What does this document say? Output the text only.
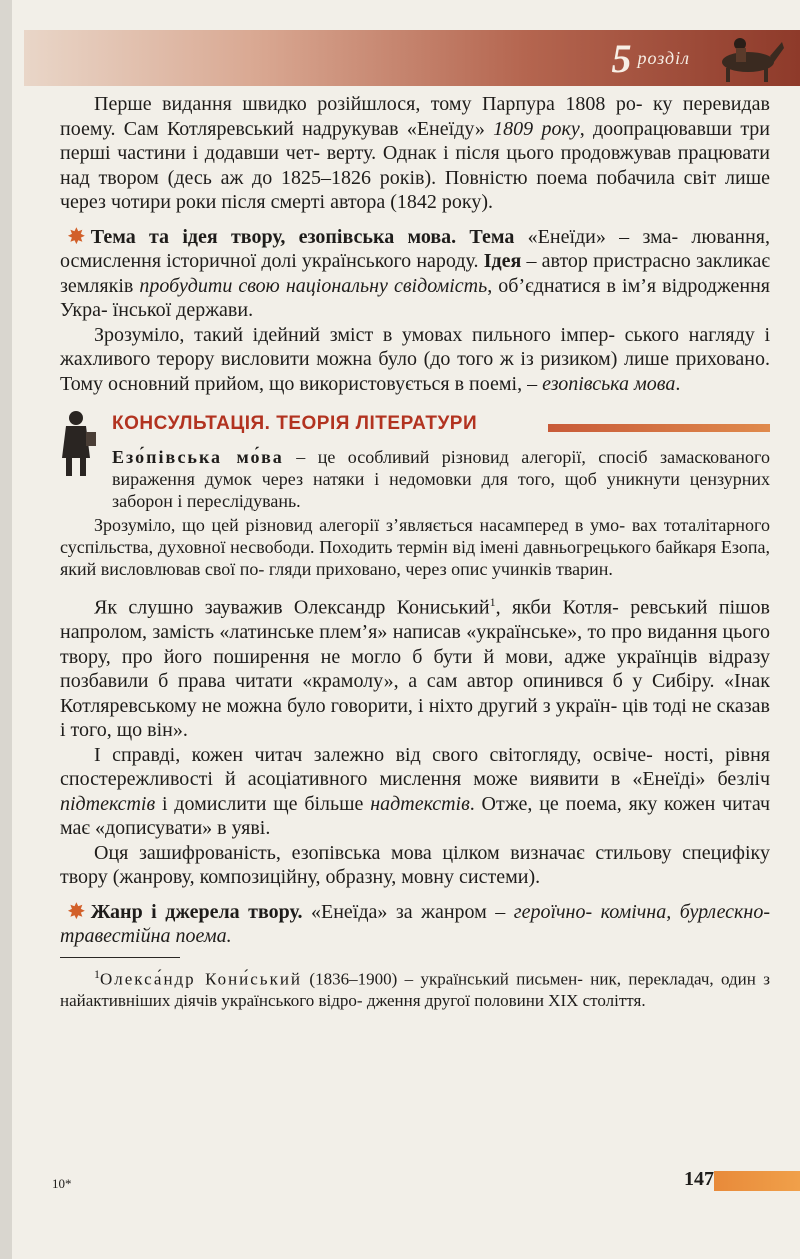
5 розділ

Перше видання швидко розійшлося, тому Парпура 1808 ро- ку перевидав поему. Сам Котляревський надрукував «Енеїду» 1809 року, доопрацювавши три перші частини і додавши чет- верту. Однак і після цього продовжував працювати над твором (десь аж до 1825–1826 років). Повністю поема побачила світ лише через чотири роки після смерті автора (1842 року).

✸ Тема та ідея твору, езопівська мова. Тема «Енеїди» – зма- лювання, осмислення історичної долі українського народу. Ідея – автор пристрасно закликає земляків пробудити свою національну свідомість, об’єднатися в ім’я відродження Укра- їнської держави.

Зрозуміло, такий ідейний зміст в умовах пильного імпер- ського нагляду і жахливого терору висловити можна було (до того ж із ризиком) лише приховано. Тому основний прийом, що використовується в поемі, – езопівська мова.

КОНСУЛЬТАЦІЯ. ТЕОРІЯ ЛІТЕРАТУРИ

Езо́півська мо́ва – це особливий різновид алегорії, спосіб замаскованого вираження думок через натяки і недомовки для того, щоб уникнути цензурних заборон і переслідувань.

Зрозуміло, що цей різновид алегорії з’являється насамперед в умо- вах тоталітарного суспільства, духовної несвободи. Походить термін від імені давньогрецького байкаря Езопа, який висловлював свої по- гляди приховано, через опис учинків тварин.

Як слушно зауважив Олександр Кониський$^1$, якби Котля- ревський пішов напролом, замість «латинське плем’я» написав «українське», то про видання цього твору, про його поширення не могло б бути й мови, адже українців відразу позбавили б права читати «крамолу», а сам автор опинився б у Сибіру. «Інак Котляревському не можна було говорити, і ніхто другий з україн- ців тоді не сказав і того, що він».

І справді, кожен читач залежно від свого світогляду, освіче- ності, рівня спостережливості й асоціативного мислення може виявити в «Енеїді» безліч підтекстів і домислити ще більше надтекстів. Отже, це поема, яку кожен читач має «дописувати» в уяві.

Оця зашифрованість, езопівська мова цілком визначає стильову специфіку твору (жанрову, композиційну, образну, мовну системи).

✸ Жанр і джерела твору. «Енеїда» за жанром – героїчно- комічна, бурлескно-травестійна поема.

$^1$Олекса́ндр Кони́ський (1836–1900) – український письмен- ник, перекладач, один з найактивніших діячів українського відро- дження другої половини XIX століття.

10*	147
